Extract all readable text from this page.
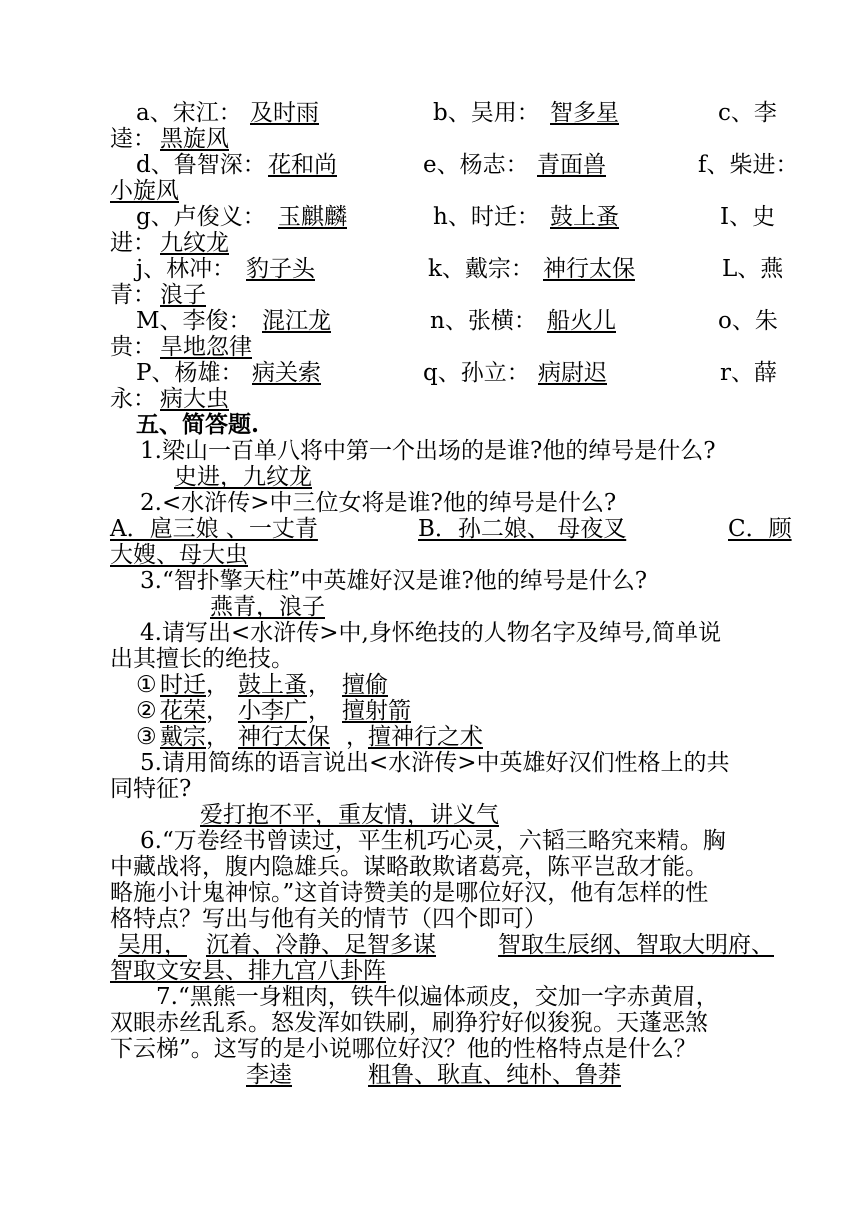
a、宋江： 及时雨	b、吴用： 智多星	c、李
逵： 黑旋风
d、鲁智深： 花和尚	e、杨志： 青面兽	f、柴进：
小旋风
g、卢俊义： 玉麒麟	h、时迁： 鼓上蚤	I、史
进： 九纹龙
j、林冲： 豹子头	k、戴宗： 神行太保	L、燕
青： 浪子
M、李俊： 混江龙	n、张横： 船火儿	o、朱
贵： 旱地忽律
P、杨雄： 病关索	q、孙立： 病尉迟	r、薛
永： 病大虫
五、简答题.
1.梁山一百单八将中第一个出场的是谁?他的绰号是什么?
史进，九纹龙
2.<水浒传>中三位女将是谁?他的绰号是什么?
A．扈三娘 、一丈青	B．孙二娘、 母夜叉	C．顾
大嫂、母大虫
3.“智扑擎天柱”中英雄好汉是谁?他的绰号是什么?
燕青，浪子
4.请写出<水浒传>中,身怀绝技的人物名字及绰号,简单说
出其擅长的绝技。
① 时迁 ， 鼓上蚤 ， 擅偷
② 花荣 ， 小李广 ， 擅射箭
③ 戴宗 ， 神行太保 ， 擅神行之术
5.请用简练的语言说出<水浒传>中英雄好汉们性格上的共
同特征?
爱打抱不平，重友情，讲义气
6.“万卷经书曾读过，平生机巧心灵，六韬三略究来精。胸
中藏战将，腹内隐雄兵。谋略敢欺诸葛亮，陈平岂敌才能。
略施小计鬼神惊。”这首诗赞美的是哪位好汉，他有怎样的性
格特点？写出与他有关的情节（四个即可）
吴用， 沉着、冷静、足智多谋	智取生辰纲、智取大明府、
智取文安县、排九宫八卦阵
7.“黑熊一身粗肉，铁牛似遍体顽皮，交加一字赤黄眉，
双眼赤丝乱系。怒发浑如铁刷，刷狰狞好似狻猊。天蓬恶煞
下云梯”。这写的是小说哪位好汉？他的性格特点是什么？
李逵	粗鲁、耿直、纯朴、鲁莽
